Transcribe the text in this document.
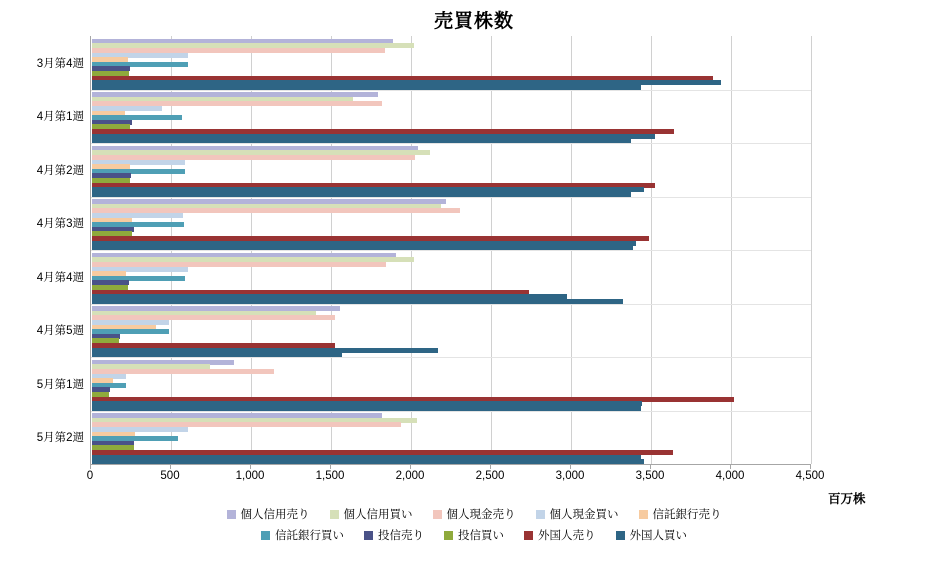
売買株数
3月第4週
4月第1週
4月第2週
4月第3週
4月第4週
4月第5週
5月第1週
5月第2週
0	500	1,000	1,500	2,000	2,500	3,000	3,500	4,000	4,500
百万株
個人信用売り	個人信用買い	個人現金売り	個人現金買い	信託銀行売り
信託銀行買い	投信売り	投信買い	外国人売り	外国人買い
